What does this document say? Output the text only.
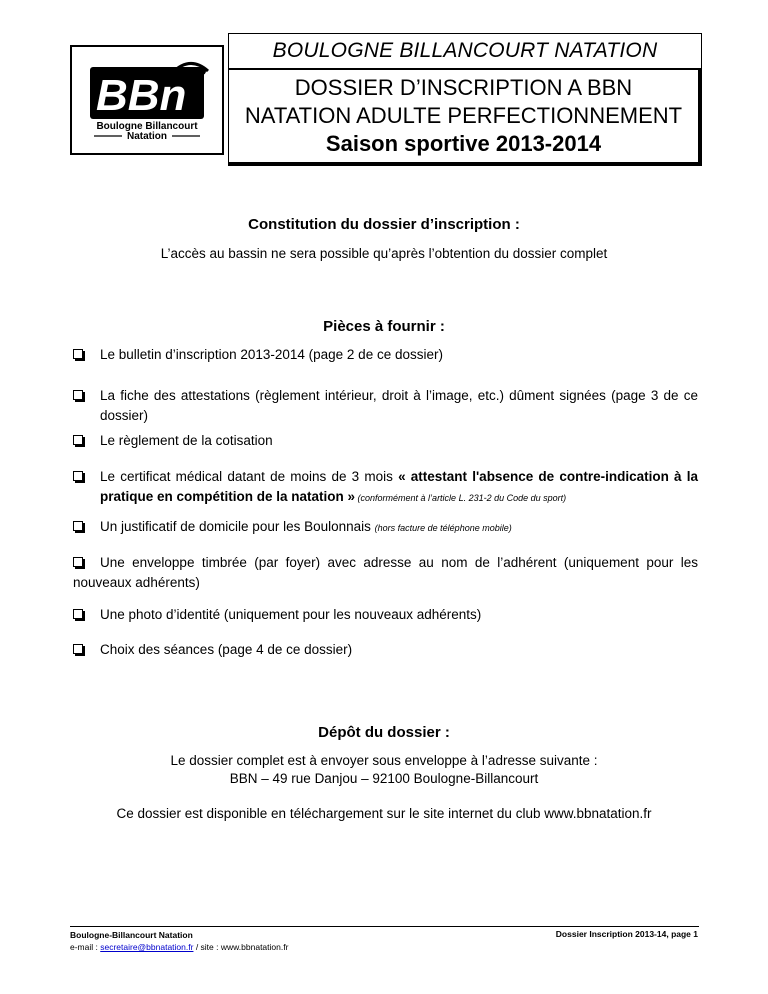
BBn
Boulogne Billancourt
Natation
BOULOGNE BILLANCOURT NATATION
DOSSIER D’INSCRIPTION A BBN
NATATION ADULTE PERFECTIONNEMENT
Saison sportive 2013-2014
Constitution du dossier d’inscription :
L’accès au bassin ne sera possible qu’après l’obtention du dossier complet
Pièces à fournir :
Le bulletin d’inscription 2013-2014 (page 2 de ce dossier)
La fiche des attestations (règlement intérieur, droit à l’image, etc.) dûment signées (page 3 de ce dossier)
Le règlement de la cotisation
Le certificat médical datant de moins de 3 mois « attestant l'absence de contre-indication à la pratique en compétition de la natation » (conformément à l’article L. 231-2 du Code du sport)
Un justificatif de domicile pour les Boulonnais (hors facture de téléphone mobile)
Une enveloppe timbrée (par foyer) avec adresse au nom de l’adhérent (uniquement pour les nouveaux adhérents)
Une photo d’identité (uniquement pour les nouveaux adhérents)
Choix des séances (page 4 de ce dossier)
Dépôt du dossier :
Le dossier complet est à envoyer sous enveloppe à l’adresse suivante :
BBN – 49 rue Danjou – 92100 Boulogne-Billancourt
Ce dossier est disponible en téléchargement sur le site internet du club www.bbnatation.fr
Boulogne-Billancourt Natation
e-mail : secretaire@bbnatation.fr / site : www.bbnatation.fr
Dossier Inscription 2013-14, page 1
